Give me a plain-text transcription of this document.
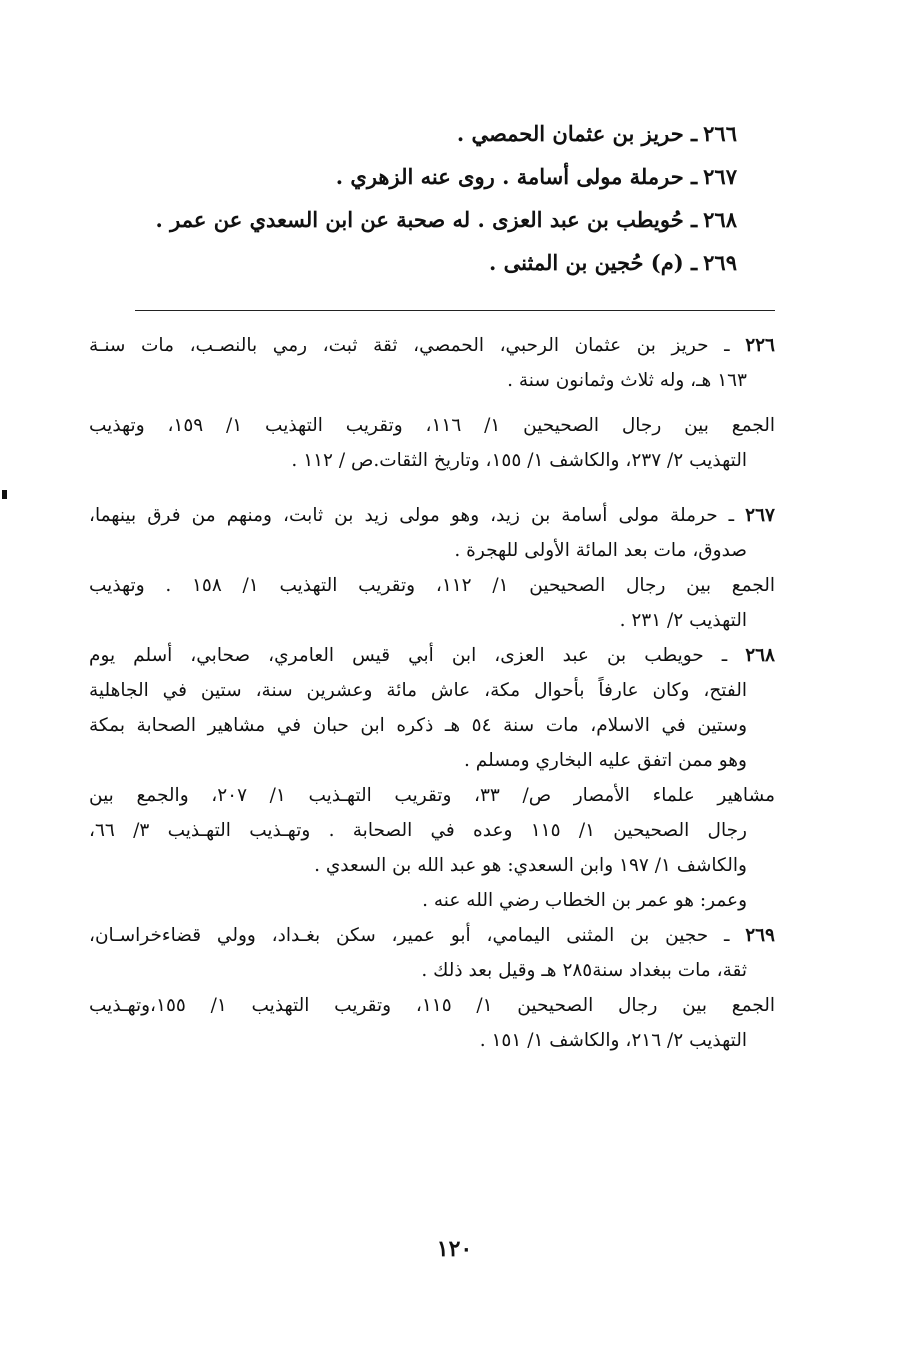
٢٦٦ـ حريز بن عثمان الحمصي .
٢٦٧ـ حرملة مولى أسامة . روى عنه الزهري .
٢٦٨ـ حُويطب بن عبد العزى . له صحبة عن ابن السعدي عن عمر .
٢٦٩ـ (م) حُجين بن المثنى .
٢٢٦ ـ حريز بن عثمان الرحبي، الحمصي، ثقة ثبت، رمي بالنصـب، مات سنـة
١٦٣ هـ، وله ثلاث وثمانون سنة .
الجمع بين رجال الصحيحين ١/ ١١٦، وتقريب التهذيب ١/ ١٥٩، وتهذيب
التهذيب ٢/ ٢٣٧، والكاشف ١/ ١٥٥، وتاريخ الثقات.ص / ١١٢ .
٢٦٧ ـ حرملة مولى أسامة بن زيد، وهو مولى زيد بن ثابت، ومنهم من فرق بينهما،
صدوق، مات بعد المائة الأولى للهجرة .
الجمع بين رجال الصحيحين ١/ ١١٢، وتقريب التهذيب ١/ ١٥٨ . وتهذيب
التهذيب ٢/ ٢٣١ .
٢٦٨ ـ حويطب بن عبد العزى، ابن أبي قيس العامري، صحابي، أسلم يوم
الفتح، وكان عارفاً بأحوال مكة، عاش مائة وعشرين سنة، ستين في الجاهلية
وستين في الاسلام، مات سنة ٥٤ هـ ذكره ابن حبان في مشاهير الصحابة بمكة
وهو ممن اتفق عليه البخاري ومسلم .
مشاهير علماء الأمصار ص/ ٣٣، وتقريب التهـذيب ١/ ٢٠٧، والجمع بين
رجال الصحيحين ١/ ١١٥ وعده في الصحابة . وتهـذيب التهـذيب ٣/ ٦٦،
والكاشف ١/ ١٩٧ وابن السعدي: هو عبد الله بن السعدي .
وعمر: هو عمر بن الخطاب رضي الله عنه .
٢٦٩ ـ حجين بن المثنى اليمامي، أبو عمير، سكن بغـداد، وولي قضاءخراسـان،
ثقة، مات ببغداد سنة٢٨٥ هـ وقيل بعد ذلك .
الجمع بين رجال الصحيحين ١/ ١١٥، وتقريب التهذيب ١/ ١٥٥،وتهـذيب
التهذيب ٢/ ٢١٦، والكاشف ١/ ١٥١ .
١٢٠
